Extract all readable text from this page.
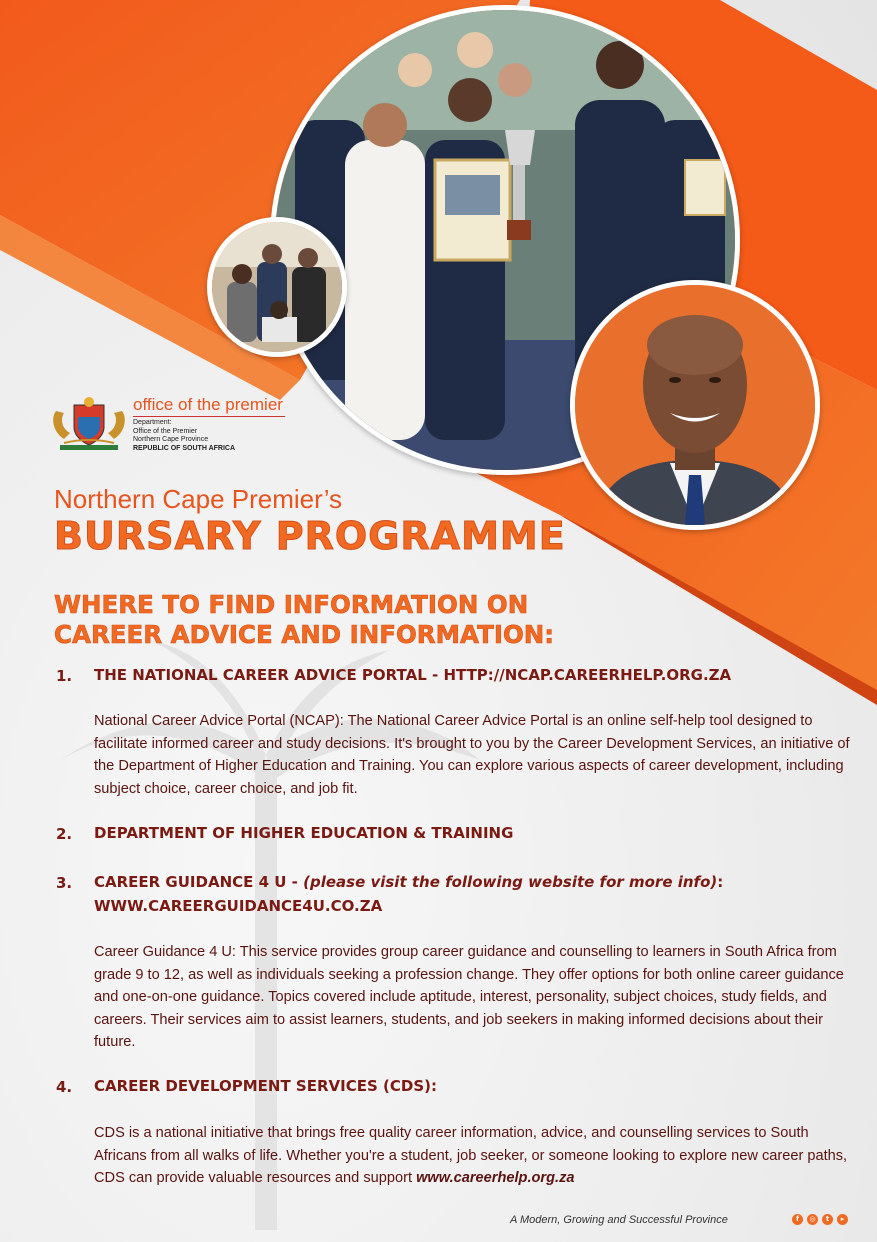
office of the premier
Department:
Office of the Premier
Northern Cape Province
REPUBLIC OF SOUTH AFRICA
Northern Cape Premier’s
BURSARY PROGRAMME
WHERE TO FIND INFORMATION ON
CAREER ADVICE AND INFORMATION:
1. THE NATIONAL CAREER ADVICE PORTAL - HTTP://NCAP.CAREERHELP.ORG.ZA
National Career Advice Portal (NCAP): The National Career Advice Portal is an online self-help tool designed to facilitate informed career and study decisions. It's brought to you by the Career Development Services, an initiative of the Department of Higher Education and Training. You can explore various aspects of career development, including subject choice, career choice, and job fit.
2. DEPARTMENT OF HIGHER EDUCATION & TRAINING
3. CAREER GUIDANCE 4 U - (please visit the following website for more info):
WWW.CAREERGUIDANCE4U.CO.ZA
Career Guidance 4 U: This service provides group career guidance and counselling to learners in South Africa from grade 9 to 12, as well as individuals seeking a profession change. They offer options for both online career guidance and one-on-one guidance. Topics covered include aptitude, interest, personality, subject choices, study fields, and careers. Their services aim to assist learners, students, and job seekers in making informed decisions about their future.
4. CAREER DEVELOPMENT SERVICES (CDS):
CDS is a national initiative that brings free quality career information, advice, and counselling services to South Africans from all walks of life. Whether you're a student, job seeker, or someone looking to explore new career paths, CDS can provide valuable resources and support www.careerhelp.org.za
A Modern, Growing and Successful Province	f	◎	t	▸
